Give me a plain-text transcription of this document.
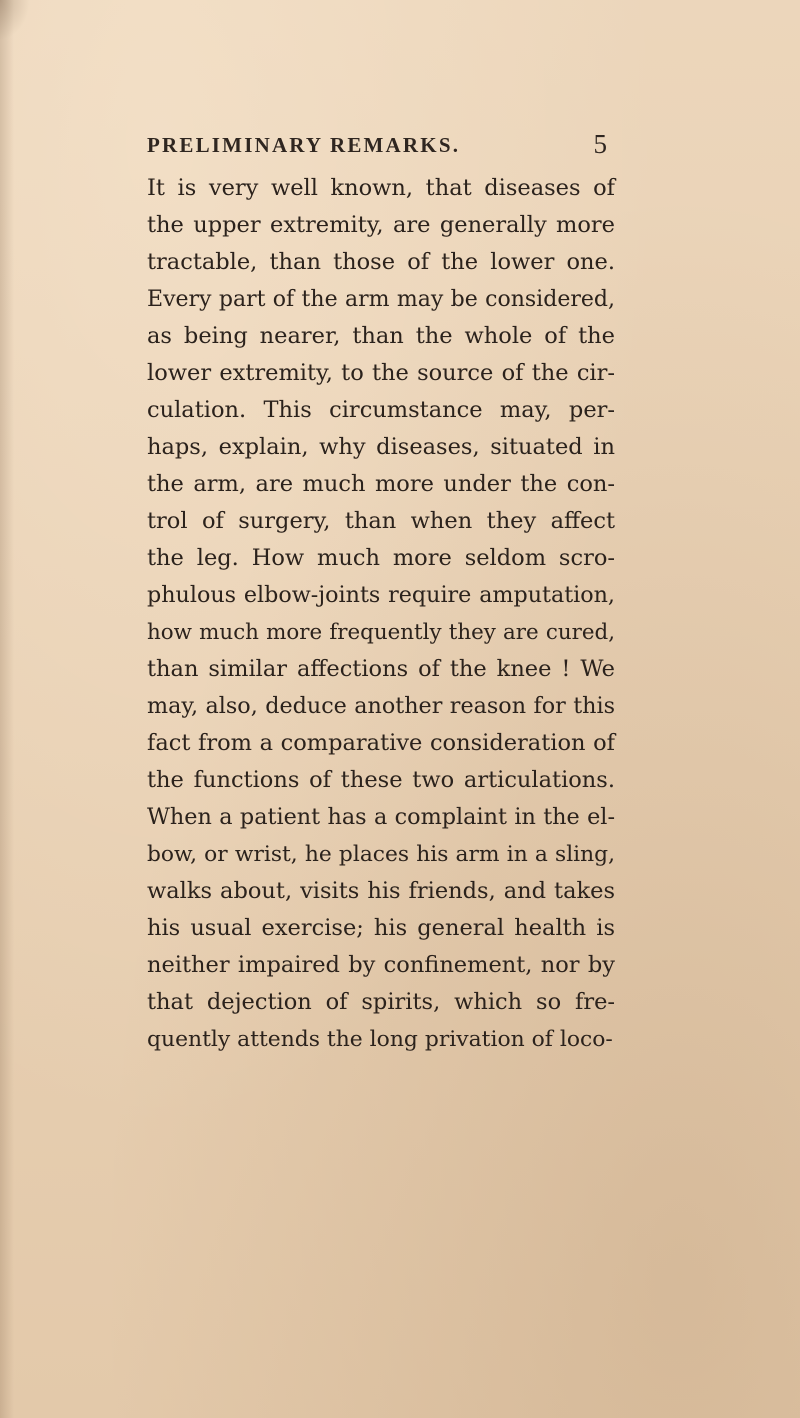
PRELIMINARY REMARKS.	5
It is very well known, that diseases of
the upper extremity, are generally more
tractable, than those of the lower one.
Every part of the arm may be considered,
as being nearer, than the whole of the
lower extremity, to the source of the cir-
culation. This circumstance may, per-
haps, explain, why diseases, situated in
the arm, are much more under the con-
trol of surgery, than when they affect
the leg. How much more seldom scro-
phulous elbow-joints require amputation,
how much more frequently they are cured,
than similar affections of the knee ! We
may, also, deduce another reason for this
fact from a comparative consideration of
the functions of these two articulations.
When a patient has a complaint in the el-
bow, or wrist, he places his arm in a sling,
walks about, visits his friends, and takes
his usual exercise; his general health is
neither impaired by confinement, nor by
that dejection of spirits, which so fre-
quently attends the long privation of loco-
